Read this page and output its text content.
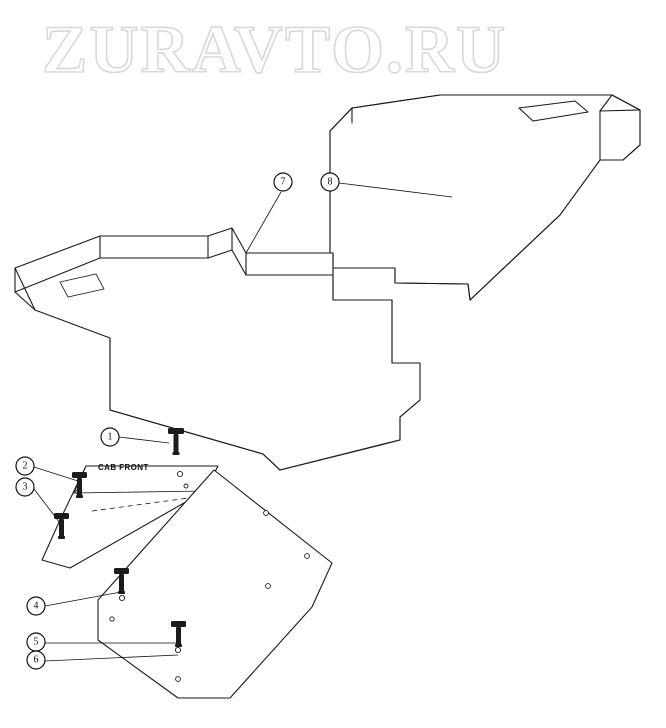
ZURAVTO.RU
CAB FRONT
1
2
3
4
5
6
7	8
